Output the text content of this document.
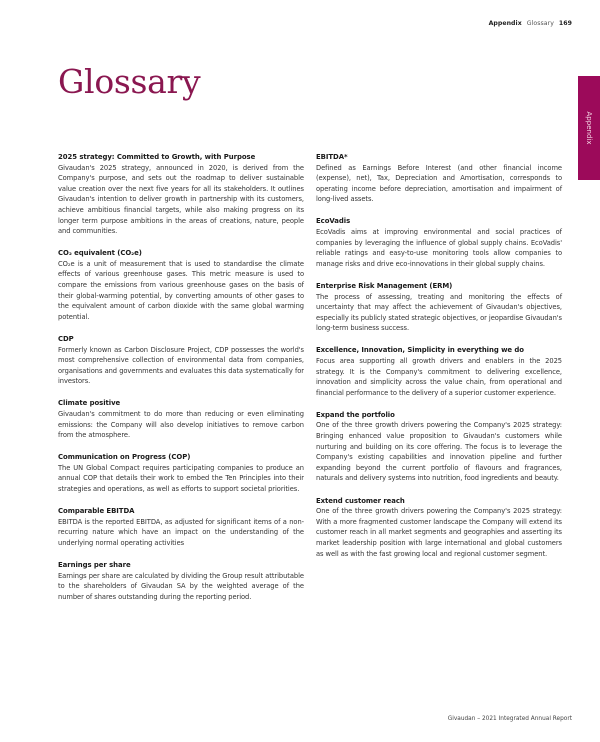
Appendix Glossary 169
Glossary
Appendix
2025 strategy: Committed to Growth, with Purpose

Givaudan's 2025 strategy, announced in 2020, is derived from the Company's purpose, and sets out the roadmap to deliver sustainable value creation over the next five years for all its stakeholders. It outlines Givaudan's intention to deliver growth in partnership with its customers, achieve ambitious financial targets, while also making progress on its longer term purpose ambitions in the areas of creations, nature, people and communities.

CO₂ equivalent (CO₂e)

CO₂e is a unit of measurement that is used to standardise the climate effects of various greenhouse gases. This metric measure is used to compare the emissions from various greenhouse gases on the basis of their global-warming potential, by converting amounts of other gases to the equivalent amount of carbon dioxide with the same global warming potential.

CDP

Formerly known as Carbon Disclosure Project, CDP possesses the world's most comprehensive collection of environmental data from companies, organisations and governments and evaluates this data systematically for investors.

Climate positive

Givaudan's commitment to do more than reducing or even eliminating emissions: the Company will also develop initiatives to remove carbon from the atmosphere.

Communication on Progress (COP)

The UN Global Compact requires participating companies to produce an annual COP that details their work to embed the Ten Principles into their strategies and operations, as well as efforts to support societal priorities.

Comparable EBITDA

EBITDA is the reported EBITDA, as adjusted for significant items of a non-recurring nature which have an impact on the understanding of the underlying normal operating activities

Earnings per share

Earnings per share are calculated by dividing the Group result attributable to the shareholders of Givaudan SA by the weighted average of the number of shares outstanding during the reporting period.

EBITDA*

Defined as Earnings Before Interest (and other financial income (expense), net), Tax, Depreciation and Amortisation, corresponds to operating income before depreciation, amortisation and impairment of long-lived assets.

EcoVadis

EcoVadis aims at improving environmental and social practices of companies by leveraging the influence of global supply chains. EcoVadis' reliable ratings and easy-to-use monitoring tools allow companies to manage risks and drive eco-innovations in their global supply chains.

Enterprise Risk Management (ERM)

The process of assessing, treating and monitoring the effects of uncertainty that may affect the achievement of Givaudan's objectives, especially its publicly stated strategic objectives, or jeopardise Givaudan's long-term business success.

Excellence, Innovation, Simplicity in everything we do

Focus area supporting all growth drivers and enablers in the 2025 strategy. It is the Company's commitment to delivering excellence, innovation and simplicity across the value chain, from operational and financial performance to the delivery of a superior customer experience.

Expand the portfolio

One of the three growth drivers powering the Company's 2025 strategy: Bringing enhanced value proposition to Givaudan's customers while nurturing and building on its core offering. The focus is to leverage the Company's existing capabilities and innovation pipeline and further expanding beyond the current portfolio of flavours and fragrances, naturals and delivery systems into nutrition, food ingredients and beauty.

Extend customer reach

One of the three growth drivers powering the Company's 2025 strategy: With a more fragmented customer landscape the Company will extend its customer reach in all market segments and geographies and asserting its market leadership position with large international and global customers as well as with the fast growing local and regional customer segment.

Givaudan – 2021 Integrated Annual Report
